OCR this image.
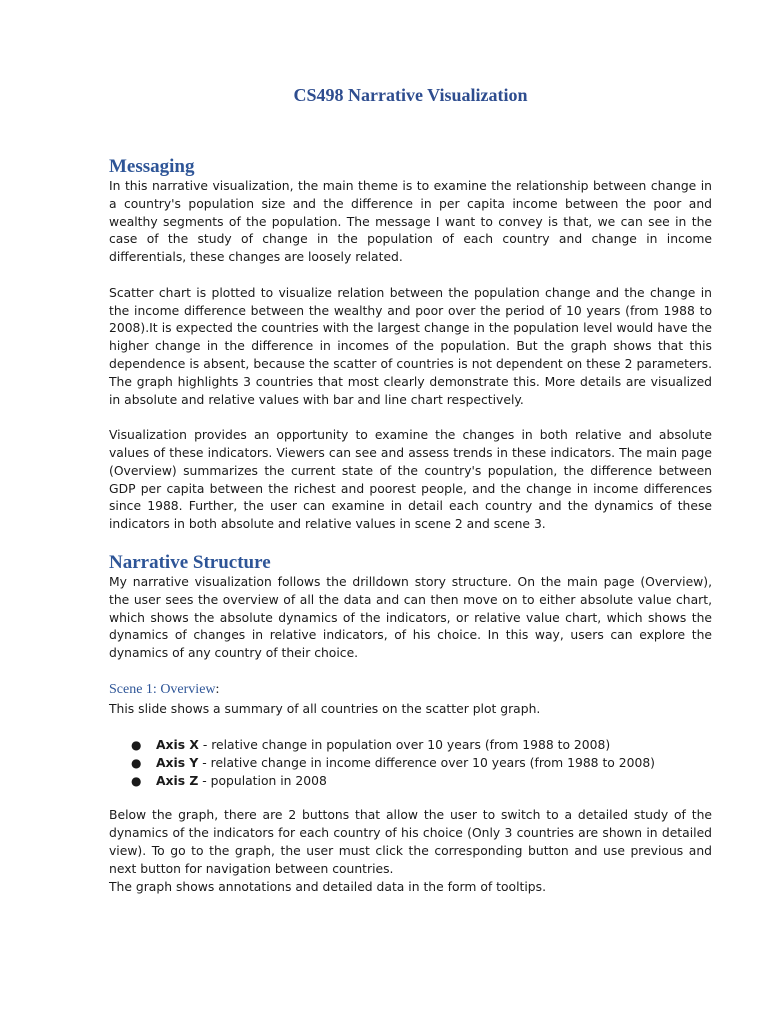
CS498 Narrative Visualization
Messaging

In this narrative visualization, the main theme is to examine the relationship between change in a country's population size and the difference in per capita income between the poor and wealthy segments of the population. The message I want to convey is that, we can see in the case of the study of change in the population of each country and change in income differentials, these changes are loosely related.

Scatter chart is plotted to visualize relation between the population change and the change in the income difference between the wealthy and poor over the period of 10 years (from 1988 to 2008).It is expected the countries with the largest change in the population level would have the higher change in the difference in incomes of the population. But the graph shows that this dependence is absent, because the scatter of countries is not dependent on these 2 parameters. The graph highlights 3 countries that most clearly demonstrate this. More details are visualized in absolute and relative values with bar and line chart respectively.

Visualization provides an opportunity to examine the changes in both relative and absolute values of these indicators. Viewers can see and assess trends in these indicators. The main page (Overview) summarizes the current state of the country's population, the difference between GDP per capita between the richest and poorest people, and the change in income differences since 1988. Further, the user can examine in detail each country and the dynamics of these indicators in both absolute and relative values in scene 2 and scene 3.

Narrative Structure

My narrative visualization follows the drilldown story structure. On the main page (Overview), the user sees the overview of all the data and can then move on to either absolute value chart, which shows the absolute dynamics of the indicators, or relative value chart, which shows the dynamics of changes in relative indicators, of his choice. In this way, users can explore the dynamics of any country of their choice.

Scene 1: Overview:

This slide shows a summary of all countries on the scatter plot graph.

● Axis X - relative change in population over 10 years (from 1988 to 2008)
● Axis Y - relative change in income difference over 10 years (from 1988 to 2008)
● Axis Z - population in 2008

Below the graph, there are 2 buttons that allow the user to switch to a detailed study of the dynamics of the indicators for each country of his choice (Only 3 countries are shown in detailed view). To go to the graph, the user must click the corresponding button and use previous and next button for navigation between countries.

The graph shows annotations and detailed data in the form of tooltips.
